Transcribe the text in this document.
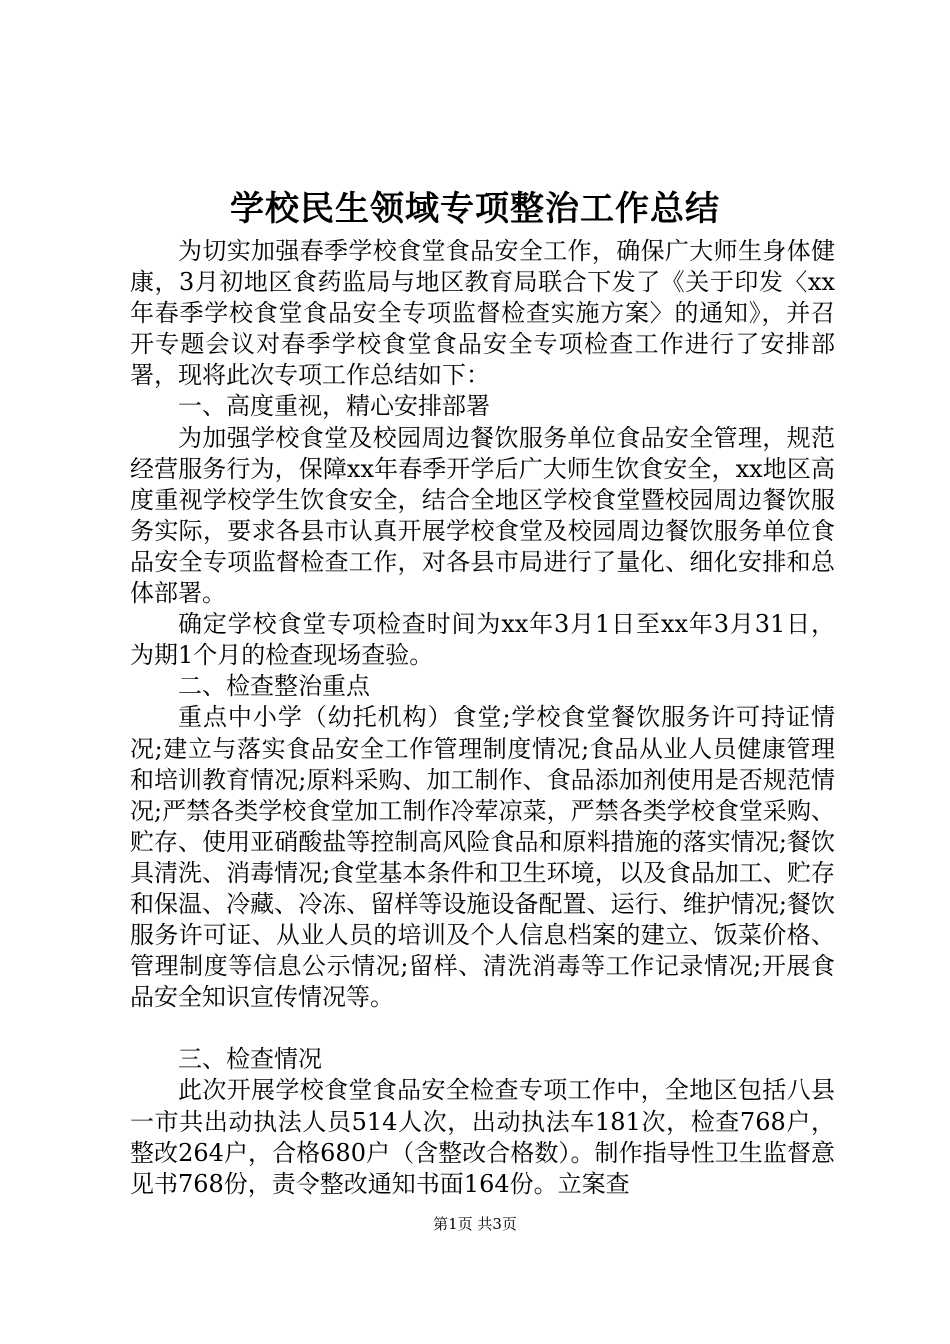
学校民生领域专项整治工作总结

为切实加强春季学校食堂食品安全工作，确保广大师生身体健康，3月初地区食药监局与地区教育局联合下发了《关于印发〈xx年春季学校食堂食品安全专项监督检查实施方案〉的通知》，并召开专题会议对春季学校食堂食品安全专项检查工作进行了安排部署，现将此次专项工作总结如下：

一、高度重视，精心安排部署

为加强学校食堂及校园周边餐饮服务单位食品安全管理，规范经营服务行为，保障xx年春季开学后广大师生饮食安全，xx地区高度重视学校学生饮食安全，结合全地区学校食堂暨校园周边餐饮服务实际，要求各县市认真开展学校食堂及校园周边餐饮服务单位食品安全专项监督检查工作，对各县市局进行了量化、细化安排和总体部署。

确定学校食堂专项检查时间为xx年3月1日至xx年3月31日，为期1个月的检查现场查验。

二、检查整治重点

重点中小学（幼托机构）食堂;学校食堂餐饮服务许可持证情况;建立与落实食品安全工作管理制度情况;食品从业人员健康管理和培训教育情况;原料采购、加工制作、食品添加剂使用是否规范情况;严禁各类学校食堂加工制作冷荤凉菜，严禁各类学校食堂采购、贮存、使用亚硝酸盐等控制高风险食品和原料措施的落实情况;餐饮具清洗、消毒情况;食堂基本条件和卫生环境，以及食品加工、贮存和保温、冷藏、冷冻、留样等设施设备配置、运行、维护情况;餐饮服务许可证、从业人员的培训及个人信息档案的建立、饭菜价格、管理制度等信息公示情况;留样、清洗消毒等工作记录情况;开展食品安全知识宣传情况等。

三、检查情况

此次开展学校食堂食品安全检查专项工作中，全地区包括八县一市共出动执法人员514人次，出动执法车181次，检查768户，整改264户，合格680户（含整改合格数）。制作指导性卫生监督意见书768份，责令整改通知书面164份。立案查

第1页 共3页
